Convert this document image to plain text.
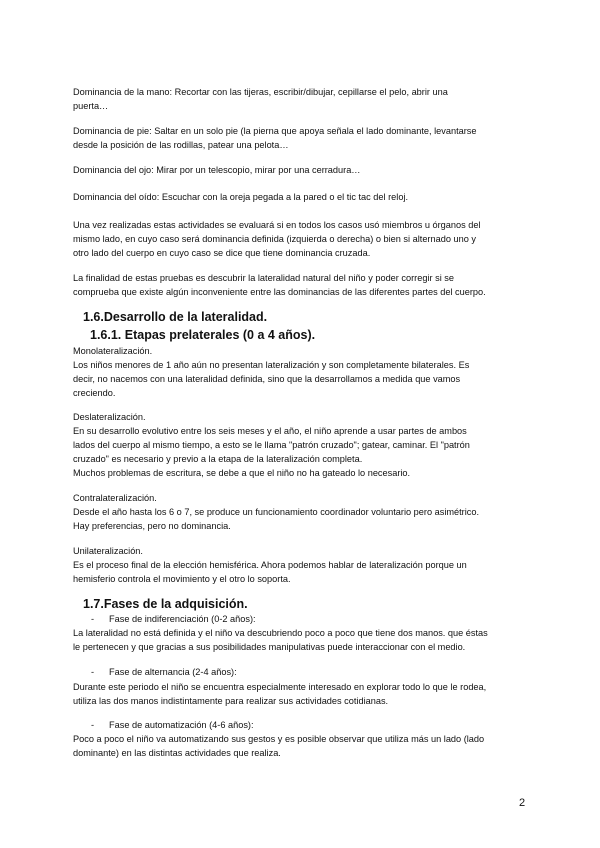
Dominancia de la mano: Recortar con las tijeras, escribir/dibujar, cepillarse el pelo, abrir una
puerta…

Dominancia de pie: Saltar en un solo pie (la pierna que apoya señala el lado dominante, levantarse
desde la posición de las rodillas, patear una pelota…

Dominancia del ojo: Mirar por un telescopio, mirar por una cerradura…

Dominancia del oído: Escuchar con la oreja pegada a la pared o el tic tac del reloj.

Una vez realizadas estas actividades se evaluará si en todos los casos usó miembros u órganos del
mismo lado, en cuyo caso será dominancia definida (izquierda o derecha) o bien si alternado uno y
otro lado del cuerpo en cuyo caso se dice que tiene dominancia cruzada.

La finalidad de estas pruebas es descubrir la lateralidad natural del niño y poder corregir si se
comprueba que existe algún inconveniente entre las dominancias de las diferentes partes del cuerpo.

1.6.Desarrollo de la lateralidad.
1.6.1. Etapas prelaterales (0 a 4 años).

Monolateralización.
Los niños menores de 1 año aún no presentan lateralización y son completamente bilaterales. Es
decir, no nacemos con una lateralidad definida, sino que la desarrollamos a medida que vamos
creciendo.

Deslateralización.
En su desarrollo evolutivo entre los seis meses y el año, el niño aprende a usar partes de ambos
lados del cuerpo al mismo tiempo, a esto se le llama "patrón cruzado"; gatear, caminar. El "patrón
cruzado" es necesario y previo a la etapa de la lateralización completa.
Muchos problemas de escritura, se debe a que el niño no ha gateado lo necesario.

Contralateralización.
Desde el año hasta los 6 o 7, se produce un funcionamiento coordinador voluntario pero asimétrico.
Hay preferencias, pero no dominancia.

Unilateralización.
Es el proceso final de la elección hemisférica. Ahora podemos hablar de lateralización porque un
hemisferio controla el movimiento y el otro lo soporta.

1.7.Fases de la adquisición.
- Fase de indiferenciación (0-2 años):

La lateralidad no está definida y el niño va descubriendo poco a poco que tiene dos manos. que éstas
le pertenecen y que gracias a sus posibilidades manipulativas puede interaccionar con el medio.

- Fase de alternancia (2-4 años):

Durante este periodo el niño se encuentra especialmente interesado en explorar todo lo que le rodea,
utiliza las dos manos indistintamente para realizar sus actividades cotidianas.

- Fase de automatización (4-6 años):

Poco a poco el niño va automatizando sus gestos y es posible observar que utiliza más un lado (lado
dominante) en las distintas actividades que realiza.

2
